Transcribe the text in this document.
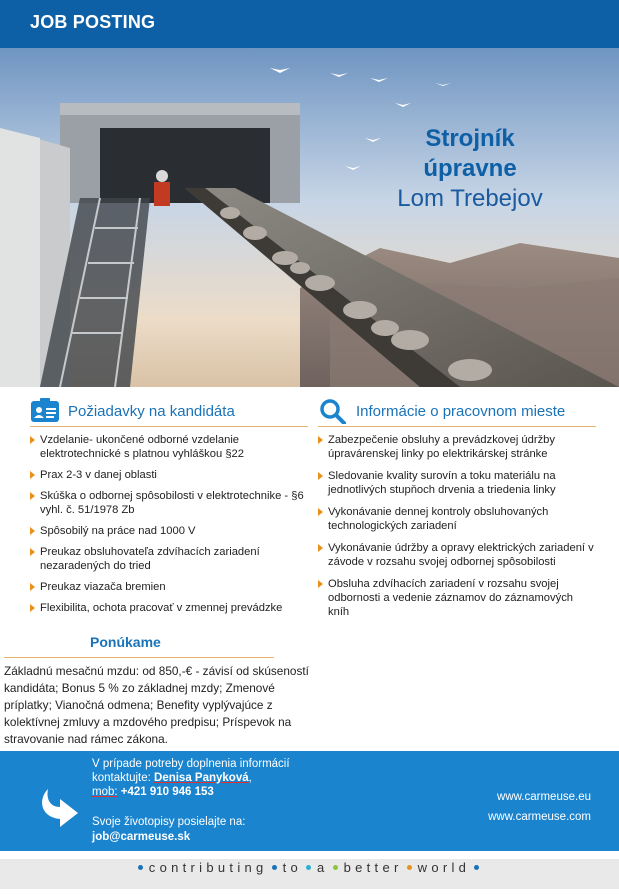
JOB POSTING
Strojník
úpravne
Lom Trebejov
Požiadavky na kandidáta
Vzdelanie- ukončené odborné vzdelanie elektrotechnické s platnou vyhláškou §22
Prax 2-3 v danej oblasti
Skúška o odbornej spôsobilosti v elektrotechnike - §6 vyhl. č. 51/1978 Zb
Spôsobilý na práce nad 1000 V
Preukaz obsluhovateľa zdvíhacích zariadení nezaradených do tried
Preukaz viazača bremien
Flexibilita, ochota pracovať v zmennej prevádzke
Informácie o pracovnom mieste
Zabezpečenie obsluhy a prevádzkovej údržby úpravárenskej linky po elektrikárskej stránke
Sledovanie kvality surovín a toku materiálu na jednotlivých stupňoch drvenia a triedenia linky
Vykonávanie dennej kontroly obsluhovaných technologických zariadení
Vykonávanie údržby a opravy elektrických zariadení v závode v rozsahu svojej odbornej spôsobilosti
Obsluha zdvíhacích zariadení v rozsahu svojej odbornosti a vedenie záznamov do záznamových kníh
Ponúkame
Základnú mesačnú mzdu: od 850,-€ - závisí od skúseností kandidáta; Bonus 5 % zo základnej mzdy; Zmenové príplatky; Vianočná odmena; Benefity vyplývajúce z kolektívnej zmluvy a mzdového predpisu; Príspevok na stravovanie nad rámec zákona.
V prípade potreby doplnenia informácií
kontaktujte: Denisa Panyková,
mob: +421 910 946 153
Svoje životopisy posielajte na:
job@carmeuse.sk
www.carmeuse.eu
www.carmeuse.com
contributing to a better world
